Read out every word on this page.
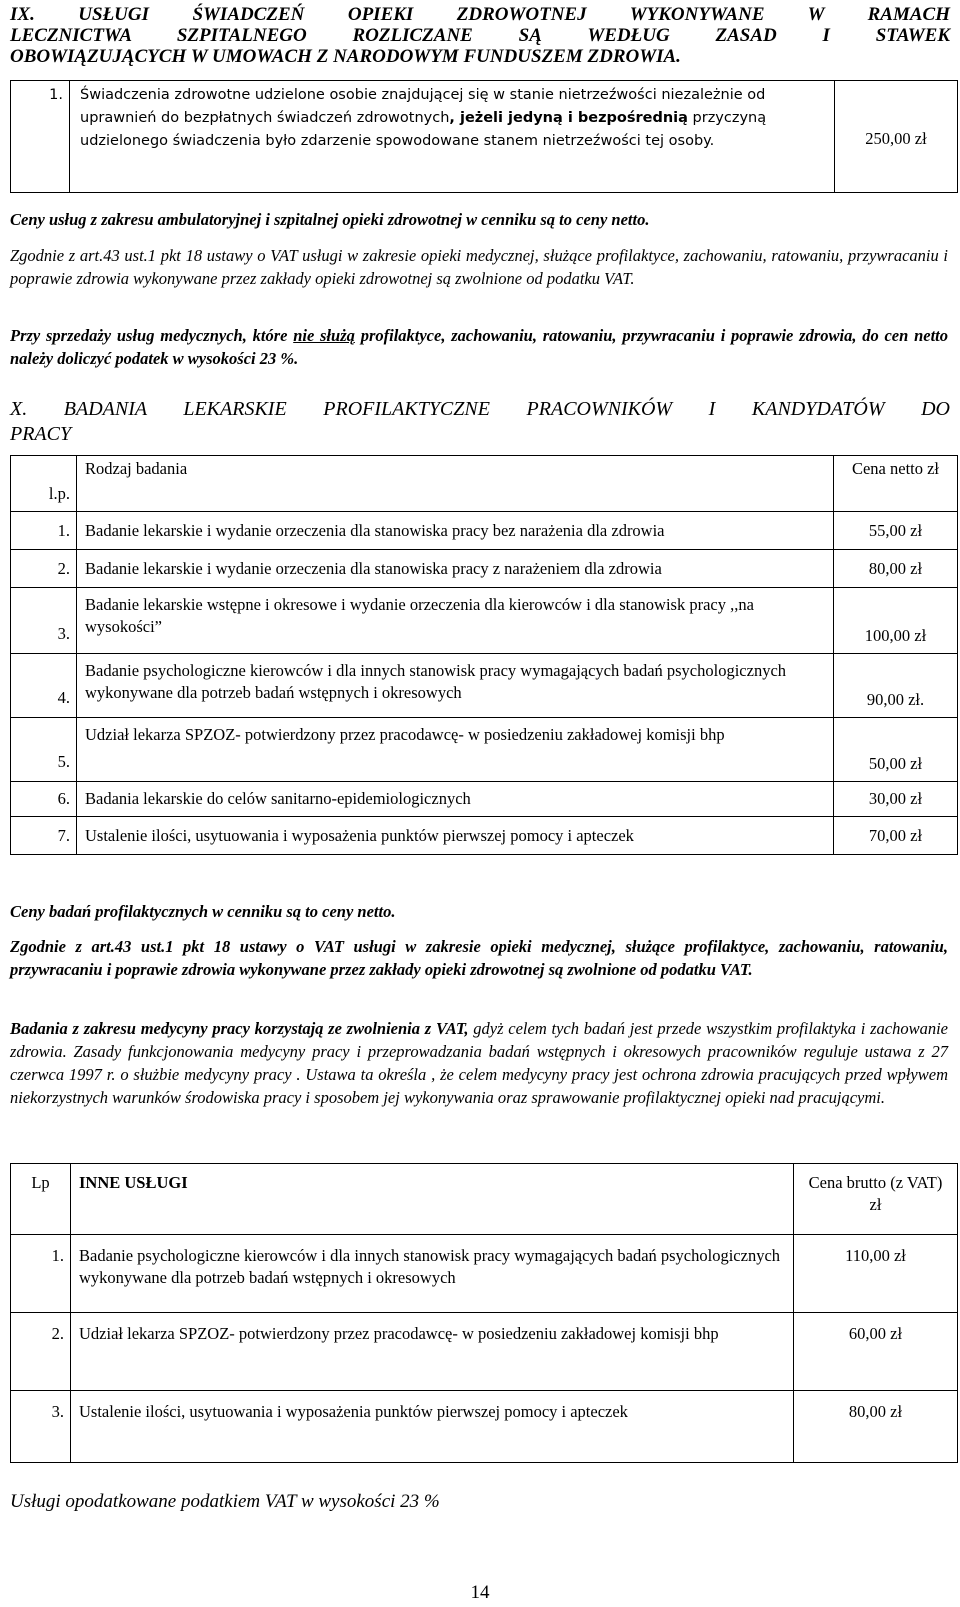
IX. USŁUGI ŚWIADCZEŃ OPIEKI ZDROWOTNEJ WYKONYWANE W RAMACH
LECZNICTWA SZPITALNEGO ROZLICZANE SĄ WEDŁUG ZASAD I STAWEK
OBOWIĄZUJĄCYCH W UMOWACH Z NARODOWYM FUNDUSZEM ZDROWIA.
1.	Świadczenia zdrowotne udzielone osobie znajdującej się w stanie nietrzeźwości niezależnie od uprawnień do bezpłatnych świadczeń zdrowotnych, jeżeli jedyną i bezpośrednią przyczyną udzielonego świadczenia było zdarzenie spowodowane stanem nietrzeźwości tej osoby.	250,00 zł
Ceny usług z zakresu ambulatoryjnej i szpitalnej opieki zdrowotnej w cenniku są to ceny netto.
Zgodnie z art.43 ust.1 pkt 18 ustawy o VAT usługi w zakresie opieki medycznej, służące profilaktyce, zachowaniu, ratowaniu, przywracaniu i poprawie zdrowia wykonywane przez zakłady opieki zdrowotnej są zwolnione od podatku VAT.
Przy sprzedaży usług medycznych, które nie służą profilaktyce, zachowaniu, ratowaniu, przywracaniu i poprawie zdrowia, do cen netto należy doliczyć podatek w wysokości 23 %.
X. BADANIA LEKARSKIE PROFILAKTYCZNE PRACOWNIKÓW I KANDYDATÓW DO
PRACY
l.p.	Rodzaj badania	Cena netto zł
1.	Badanie lekarskie i wydanie orzeczenia dla stanowiska pracy bez narażenia dla zdrowia	55,00 zł
2.	Badanie lekarskie i wydanie orzeczenia dla stanowiska pracy z narażeniem dla zdrowia	80,00 zł
3.	Badanie lekarskie wstępne i okresowe i wydanie orzeczenia dla kierowców i dla stanowisk pracy ,,na wysokości”	100,00 zł
4.	Badanie psychologiczne kierowców i dla innych stanowisk pracy wymagających badań psychologicznych wykonywane dla potrzeb badań wstępnych i okresowych	90,00 zł.
5.	Udział lekarza SPZOZ- potwierdzony przez pracodawcę- w posiedzeniu zakładowej komisji bhp	50,00 zł
6.	Badania lekarskie do celów sanitarno-epidemiologicznych	30,00 zł
7.	Ustalenie ilości, usytuowania i wyposażenia punktów pierwszej pomocy i apteczek	70,00 zł
Ceny badań profilaktycznych w cenniku są to ceny netto.
Zgodnie z art.43 ust.1 pkt 18 ustawy o VAT usługi w zakresie opieki medycznej, służące profilaktyce, zachowaniu, ratowaniu, przywracaniu i poprawie zdrowia wykonywane przez zakłady opieki zdrowotnej są zwolnione od podatku VAT.
Badania z zakresu medycyny pracy korzystają ze zwolnienia z VAT, gdyż celem tych badań jest przede wszystkim profilaktyka i zachowanie zdrowia. Zasady funkcjonowania medycyny pracy i przeprowadzania badań wstępnych i okresowych pracowników reguluje ustawa z 27 czerwca 1997 r. o służbie medycyny pracy . Ustawa ta określa , że celem medycyny pracy jest ochrona zdrowia pracujących przed wpływem niekorzystnych warunków środowiska pracy i sposobem jej wykonywania oraz sprawowanie profilaktycznej opieki nad pracującymi.
Lp	INNE USŁUGI	Cena brutto (z VAT) zł
1.	Badanie psychologiczne kierowców i dla innych stanowisk pracy wymagających badań psychologicznych wykonywane dla potrzeb badań wstępnych i okresowych	110,00 zł
2.	Udział lekarza SPZOZ- potwierdzony przez pracodawcę- w posiedzeniu zakładowej komisji bhp	60,00 zł
3.	Ustalenie ilości, usytuowania i wyposażenia punktów pierwszej pomocy i apteczek	80,00 zł
Usługi opodatkowane podatkiem VAT w wysokości 23 %
14
